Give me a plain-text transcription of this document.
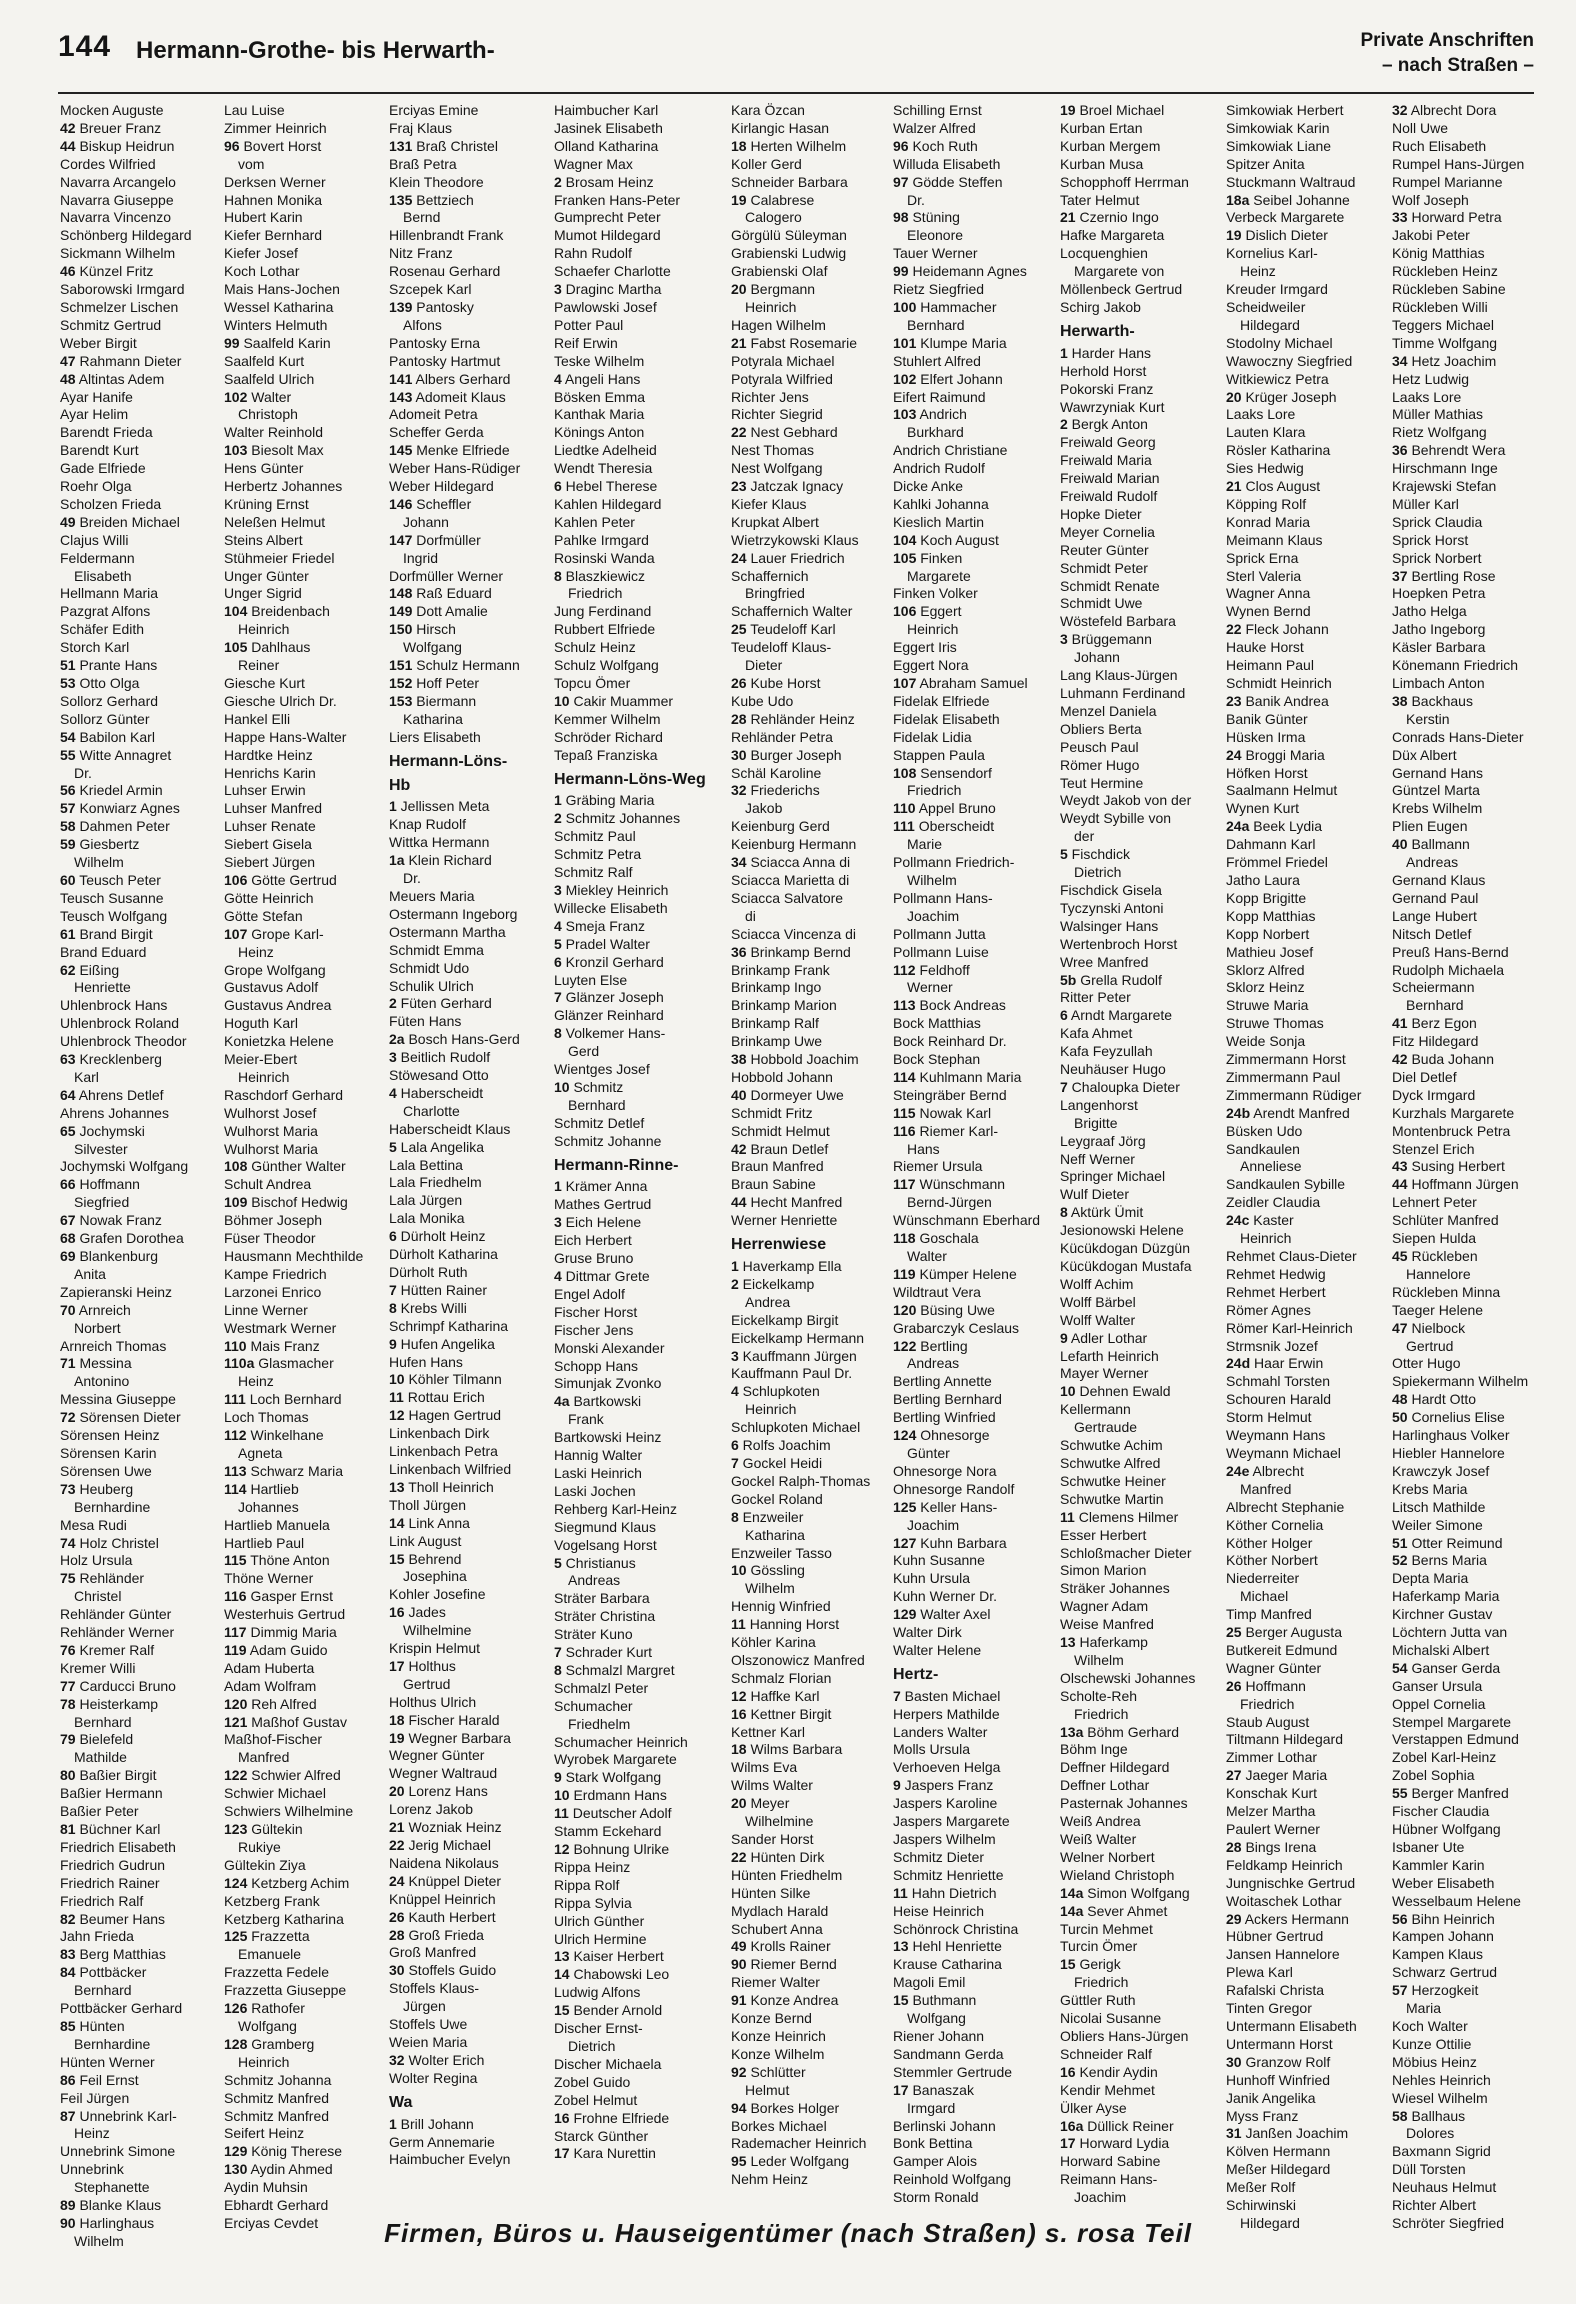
144 Hermann-Grothe- bis Herwarth-	Private Anschriften
– nach Straßen –
Mocken Auguste
42 Breuer Franz
44 Biskup Heidrun
Cordes Wilfried
Navarra Arcangelo
Navarra Giuseppe
Navarra Vincenzo
Schönberg Hildegard
Sickmann Wilhelm
46 Künzel Fritz
Saborowski Irmgard
Schmelzer Lischen
Schmitz Gertrud
Weber Birgit
47 Rahmann Dieter
48 Altintas Adem
Ayar Hanife
Ayar Helim
Barendt Frieda
Barendt Kurt
Gade Elfriede
Roehr Olga
Scholzen Frieda
49 Breiden Michael
Clajus Willi
Feldermann
Elisabeth
Hellmann Maria
Pazgrat Alfons
Schäfer Edith
Storch Karl
51 Prante Hans
53 Otto Olga
Sollorz Gerhard
Sollorz Günter
54 Babilon Karl
55 Witte Annagret
Dr.
56 Kriedel Armin
57 Konwiarz Agnes
58 Dahmen Peter
59 Giesbertz
Wilhelm
60 Teusch Peter
Teusch Susanne
Teusch Wolfgang
61 Brand Birgit
Brand Eduard
62 Eißing
Henriette
Uhlenbrock Hans
Uhlenbrock Roland
Uhlenbrock Theodor
63 Krecklenberg
Karl
64 Ahrens Detlef
Ahrens Johannes
65 Jochymski
Silvester
Jochymski Wolfgang
66 Hoffmann
Siegfried
67 Nowak Franz
68 Grafen Dorothea
69 Blankenburg
Anita
Zapieranski Heinz
70 Arnreich
Norbert
Arnreich Thomas
71 Messina
Antonino
Messina Giuseppe
72 Sörensen Dieter
Sörensen Heinz
Sörensen Karin
Sörensen Uwe
73 Heuberg
Bernhardine
Mesa Rudi
74 Holz Christel
Holz Ursula
75 Rehländer
Christel
Rehländer Günter
Rehländer Werner
76 Kremer Ralf
Kremer Willi
77 Carducci Bruno
78 Heisterkamp
Bernhard
79 Bielefeld
Mathilde
80 Baßier Birgit
Baßier Hermann
Baßier Peter
81 Büchner Karl
Friedrich Elisabeth
Friedrich Gudrun
Friedrich Rainer
Friedrich Ralf
82 Beumer Hans
Jahn Frieda
83 Berg Matthias
84 Pottbäcker
Bernhard
Pottbäcker Gerhard
85 Hünten
Bernhardine
Hünten Werner
86 Feil Ernst
Feil Jürgen
87 Unnebrink Karl-
Heinz
Unnebrink Simone
Unnebrink
Stephanette
89 Blanke Klaus
90 Harlinghaus
Wilhelm
Lau Luise
Zimmer Heinrich
96 Bovert Horst
vom
Derksen Werner
Hahnen Monika
Hubert Karin
Kiefer Bernhard
Kiefer Josef
Koch Lothar
Mais Hans-Jochen
Wessel Katharina
Winters Helmuth
99 Saalfeld Karin
Saalfeld Kurt
Saalfeld Ulrich
102 Walter
Christoph
Walter Reinhold
103 Biesolt Max
Hens Günter
Herbertz Johannes
Krüning Ernst
Neleßen Helmut
Steins Albert
Stühmeier Friedel
Unger Günter
Unger Sigrid
104 Breidenbach
Heinrich
105 Dahlhaus
Reiner
Giesche Kurt
Giesche Ulrich Dr.
Hankel Elli
Happe Hans-Walter
Hardtke Heinz
Henrichs Karin
Luhser Erwin
Luhser Manfred
Luhser Renate
Siebert Gisela
Siebert Jürgen
106 Götte Gertrud
Götte Heinrich
Götte Stefan
107 Grope Karl-
Heinz
Grope Wolfgang
Gustavus Adolf
Gustavus Andrea
Hoguth Karl
Konietzka Helene
Meier-Ebert
Heinrich
Raschdorf Gerhard
Wulhorst Josef
Wulhorst Maria
Wulhorst Maria
108 Günther Walter
Schult Andrea
109 Bischof Hedwig
Böhmer Joseph
Füser Theodor
Hausmann Mechthilde
Kampe Friedrich
Larzonei Enrico
Linne Werner
Westmark Werner
110 Mais Franz
110a Glasmacher
Heinz
111 Loch Bernhard
Loch Thomas
112 Winkelhane
Agneta
113 Schwarz Maria
114 Hartlieb
Johannes
Hartlieb Manuela
Hartlieb Paul
115 Thöne Anton
Thöne Werner
116 Gasper Ernst
Westerhuis Gertrud
117 Dimmig Maria
119 Adam Guido
Adam Huberta
Adam Wolfram
120 Reh Alfred
121 Maßhof Gustav
Maßhof-Fischer
Manfred
122 Schwier Alfred
Schwier Michael
Schwiers Wilhelmine
123 Gültekin
Rukiye
Gültekin Ziya
124 Ketzberg Achim
Ketzberg Frank
Ketzberg Katharina
125 Frazzetta
Emanuele
Frazzetta Fedele
Frazzetta Giuseppe
126 Rathofer
Wolfgang
128 Gramberg
Heinrich
Schmitz Johanna
Schmitz Manfred
Schmitz Manfred
Seifert Heinz
129 König Therese
130 Aydin Ahmed
Aydin Muhsin
Ebhardt Gerhard
Erciyas Cevdet
Erciyas Emine
Fraj Klaus
131 Braß Christel
Braß Petra
Klein Theodore
135 Bettziech
Bernd
Hillenbrandt Frank
Nitz Franz
Rosenau Gerhard
Szcepek Karl
139 Pantosky
Alfons
Pantosky Erna
Pantosky Hartmut
141 Albers Gerhard
143 Adomeit Klaus
Adomeit Petra
Scheffer Gerda
145 Menke Elfriede
Weber Hans-Rüdiger
Weber Hildegard
146 Scheffler
Johann
147 Dorfmüller
Ingrid
Dorfmüller Werner
148 Raß Eduard
149 Dott Amalie
150 Hirsch
Wolfgang
151 Schulz Hermann
152 Hoff Peter
153 Biermann
Katharina
Liers Elisabeth
Hermann-Löns-
Hb
1 Jellissen Meta
Knap Rudolf
Wittka Hermann
1a Klein Richard
Dr.
Meuers Maria
Ostermann Ingeborg
Ostermann Martha
Schmidt Emma
Schmidt Udo
Schulik Ulrich
2 Füten Gerhard
Füten Hans
2a Bosch Hans-Gerd
3 Beitlich Rudolf
Stöwesand Otto
4 Haberscheidt
Charlotte
Haberscheidt Klaus
5 Lala Angelika
Lala Bettina
Lala Friedhelm
Lala Jürgen
Lala Monika
6 Dürholt Heinz
Dürholt Katharina
Dürholt Ruth
7 Hütten Rainer
8 Krebs Willi
Schrimpf Katharina
9 Hufen Angelika
Hufen Hans
10 Köhler Tilmann
11 Rottau Erich
12 Hagen Gertrud
Linkenbach Dirk
Linkenbach Petra
Linkenbach Wilfried
13 Tholl Heinrich
Tholl Jürgen
14 Link Anna
Link August
15 Behrend
Josephina
Kohler Josefine
16 Jades
Wilhelmine
Krispin Helmut
17 Holthus
Gertrud
Holthus Ulrich
18 Fischer Harald
19 Wegner Barbara
Wegner Günter
Wegner Waltraud
20 Lorenz Hans
Lorenz Jakob
21 Wozniak Heinz
22 Jerig Michael
Naidena Nikolaus
24 Knüppel Dieter
Knüppel Heinrich
26 Kauth Herbert
28 Groß Frieda
Groß Manfred
30 Stoffels Guido
Stoffels Klaus-
Jürgen
Stoffels Uwe
Weien Maria
32 Wolter Erich
Wolter Regina
Wa
1 Brill Johann
Germ Annemarie
Haimbucher Evelyn
Haimbucher Karl
Jasinek Elisabeth
Olland Katharina
Wagner Max
2 Brosam Heinz
Franken Hans-Peter
Gumprecht Peter
Mumot Hildegard
Rahn Rudolf
Schaefer Charlotte
3 Draginc Martha
Pawlowski Josef
Potter Paul
Reif Erwin
Teske Wilhelm
4 Angeli Hans
Bösken Emma
Kanthak Maria
Könings Anton
Liedtke Adelheid
Wendt Theresia
6 Hebel Therese
Kahlen Hildegard
Kahlen Peter
Pahlke Irmgard
Rosinski Wanda
8 Blaszkiewicz
Friedrich
Jung Ferdinand
Rubbert Elfriede
Schulz Heinz
Schulz Wolfgang
Topcu Ömer
10 Cakir Muammer
Kemmer Wilhelm
Schröder Richard
Tepaß Franziska
Hermann-Löns-Weg
1 Gräbing Maria
2 Schmitz Johannes
Schmitz Paul
Schmitz Petra
Schmitz Ralf
3 Miekley Heinrich
Willecke Elisabeth
4 Smeja Franz
5 Pradel Walter
6 Kronzil Gerhard
Luyten Else
7 Glänzer Joseph
Glänzer Reinhard
8 Volkemer Hans-
Gerd
Wientges Josef
10 Schmitz
Bernhard
Schmitz Detlef
Schmitz Johanne
Hermann-Rinne-
1 Krämer Anna
Mathes Gertrud
3 Eich Helene
Eich Herbert
Gruse Bruno
4 Dittmar Grete
Engel Adolf
Fischer Horst
Fischer Jens
Monski Alexander
Schopp Hans
Simunjak Zvonko
4a Bartkowski
Frank
Bartkowski Heinz
Hannig Walter
Laski Heinrich
Laski Jochen
Rehberg Karl-Heinz
Siegmund Klaus
Vogelsang Horst
5 Christianus
Andreas
Sträter Barbara
Sträter Christina
Sträter Kuno
7 Schrader Kurt
8 Schmalzl Margret
Schmalzl Peter
Schumacher
Friedhelm
Schumacher Heinrich
Wyrobek Margarete
9 Stark Wolfgang
10 Erdmann Hans
11 Deutscher Adolf
Stamm Eckehard
12 Bohnung Ulrike
Rippa Heinz
Rippa Rolf
Rippa Sylvia
Ulrich Günther
Ulrich Hermine
13 Kaiser Herbert
14 Chabowski Leo
Ludwig Alfons
15 Bender Arnold
Discher Ernst-
Dietrich
Discher Michaela
Zobel Guido
Zobel Helmut
16 Frohne Elfriede
Starck Günther
17 Kara Nurettin
Kara Özcan
Kirlangic Hasan
18 Herten Wilhelm
Koller Gerd
Schneider Barbara
19 Calabrese
Calogero
Görgülü Süleyman
Grabienski Ludwig
Grabienski Olaf
20 Bergmann
Heinrich
Hagen Wilhelm
21 Fabst Rosemarie
Potyrala Michael
Potyrala Wilfried
Richter Jens
Richter Siegrid
22 Nest Gebhard
Nest Thomas
Nest Wolfgang
23 Jatczak Ignacy
Kiefer Klaus
Krupkat Albert
Wietrzykowski Klaus
24 Lauer Friedrich
Schaffernich
Bringfried
Schaffernich Walter
25 Teudeloff Karl
Teudeloff Klaus-
Dieter
26 Kube Horst
Kube Udo
28 Rehländer Heinz
Rehländer Petra
30 Burger Joseph
Schäl Karoline
32 Friederichs
Jakob
Keienburg Gerd
Keienburg Hermann
34 Sciacca Anna di
Sciacca Marietta di
Sciacca Salvatore
di
Sciacca Vincenza di
36 Brinkamp Bernd
Brinkamp Frank
Brinkamp Ingo
Brinkamp Marion
Brinkamp Ralf
Brinkamp Uwe
38 Hobbold Joachim
Hobbold Johann
40 Dormeyer Uwe
Schmidt Fritz
Schmidt Helmut
42 Braun Detlef
Braun Manfred
Braun Sabine
44 Hecht Manfred
Werner Henriette
Herrenwiese
1 Haverkamp Ella
2 Eickelkamp
Andrea
Eickelkamp Birgit
Eickelkamp Hermann
3 Kauffmann Jürgen
Kauffmann Paul Dr.
4 Schlupkoten
Heinrich
Schlupkoten Michael
6 Rolfs Joachim
7 Gockel Heidi
Gockel Ralph-Thomas
Gockel Roland
8 Enzweiler
Katharina
Enzweiler Tasso
10 Gössling
Wilhelm
Hennig Winfried
11 Hanning Horst
Köhler Karina
Olszonowicz Manfred
Schmalz Florian
12 Haffke Karl
16 Kettner Birgit
Kettner Karl
18 Wilms Barbara
Wilms Eva
Wilms Walter
20 Meyer
Wilhelmine
Sander Horst
22 Hünten Dirk
Hünten Friedhelm
Hünten Silke
Mydlach Harald
Schubert Anna
49 Krolls Rainer
90 Riemer Bernd
Riemer Walter
91 Konze Andrea
Konze Bernd
Konze Heinrich
Konze Wilhelm
92 Schlütter
Helmut
94 Borkes Holger
Borkes Michael
Rademacher Heinrich
95 Leder Wolfgang
Nehm Heinz
Schilling Ernst
Walzer Alfred
96 Koch Ruth
Willuda Elisabeth
97 Gödde Steffen
Dr.
98 Stüning
Eleonore
Tauer Werner
99 Heidemann Agnes
Rietz Siegfried
100 Hammacher
Bernhard
101 Klumpe Maria
Stuhlert Alfred
102 Elfert Johann
Eifert Raimund
103 Andrich
Burkhard
Andrich Christiane
Andrich Rudolf
Dicke Anke
Kahlki Johanna
Kieslich Martin
104 Koch August
105 Finken
Margarete
Finken Volker
106 Eggert
Heinrich
Eggert Iris
Eggert Nora
107 Abraham Samuel
Fidelak Elfriede
Fidelak Elisabeth
Fidelak Lidia
Stappen Paula
108 Sensendorf
Friedrich
110 Appel Bruno
111 Oberscheidt
Marie
Pollmann Friedrich-
Wilhelm
Pollmann Hans-
Joachim
Pollmann Jutta
Pollmann Luise
112 Feldhoff
Werner
113 Bock Andreas
Bock Matthias
Bock Reinhard Dr.
Bock Stephan
114 Kuhlmann Maria
Steingräber Bernd
115 Nowak Karl
116 Riemer Karl-
Hans
Riemer Ursula
117 Wünschmann
Bernd-Jürgen
Wünschmann Eberhard
118 Goschala
Walter
119 Kümper Helene
Wildtraut Vera
120 Büsing Uwe
Grabarczyk Ceslaus
122 Bertling
Andreas
Bertling Annette
Bertling Bernhard
Bertling Winfried
124 Ohnesorge
Günter
Ohnesorge Nora
Ohnesorge Randolf
125 Keller Hans-
Joachim
127 Kuhn Barbara
Kuhn Susanne
Kuhn Ursula
Kuhn Werner Dr.
129 Walter Axel
Walter Dirk
Walter Helene
Hertz-
7 Basten Michael
Herpers Mathilde
Landers Walter
Molls Ursula
Verhoeven Helga
9 Jaspers Franz
Jaspers Karoline
Jaspers Margarete
Jaspers Wilhelm
Schmitz Dieter
Schmitz Henriette
11 Hahn Dietrich
Heise Heinrich
Schönrock Christina
13 Hehl Henriette
Krause Catharina
Magoli Emil
15 Buthmann
Wolfgang
Riener Johann
Sandmann Gerda
Stemmler Gertrude
17 Banaszak
Irmgard
Berlinski Johann
Bonk Bettina
Gamper Alois
Reinhold Wolfgang
Storm Ronald
19 Broel Michael
Kurban Ertan
Kurban Mergem
Kurban Musa
Schopphoff Herrman
Tater Helmut
21 Czernio Ingo
Hafke Margareta
Locquenghien
Margarete von
Möllenbeck Gertrud
Schirg Jakob
Herwarth-
1 Harder Hans
Herhold Horst
Pokorski Franz
Wawrzyniak Kurt
2 Bergk Anton
Freiwald Georg
Freiwald Maria
Freiwald Marian
Freiwald Rudolf
Hopke Dieter
Meyer Cornelia
Reuter Günter
Schmidt Peter
Schmidt Renate
Schmidt Uwe
Wöstefeld Barbara
3 Brüggemann
Johann
Lang Klaus-Jürgen
Luhmann Ferdinand
Menzel Daniela
Obliers Berta
Peusch Paul
Römer Hugo
Teut Hermine
Weydt Jakob von der
Weydt Sybille von
der
5 Fischdick
Dietrich
Fischdick Gisela
Tyczynski Antoni
Walsinger Hans
Wertenbroch Horst
Wree Manfred
5b Grella Rudolf
Ritter Peter
6 Arndt Margarete
Kafa Ahmet
Kafa Feyzullah
Neuhäuser Hugo
7 Chaloupka Dieter
Langenhorst
Brigitte
Leygraaf Jörg
Neff Werner
Springer Michael
Wulf Dieter
8 Aktürk Ümit
Jesionowski Helene
Kücükdogan Düzgün
Kücükdogan Mustafa
Wolff Achim
Wolff Bärbel
Wolff Walter
9 Adler Lothar
Lefarth Heinrich
Mayer Werner
10 Dehnen Ewald
Kellermann
Gertraude
Schwutke Achim
Schwutke Alfred
Schwutke Heiner
Schwutke Martin
11 Clemens Hilmer
Esser Herbert
Schloßmacher Dieter
Simon Marion
Sträker Johannes
Wagner Adam
Weise Manfred
13 Haferkamp
Wilhelm
Olschewski Johannes
Scholte-Reh
Friedrich
13a Böhm Gerhard
Böhm Inge
Deffner Hildegard
Deffner Lothar
Pasternak Johannes
Weiß Andrea
Weiß Walter
Welner Norbert
Wieland Christoph
14a Simon Wolfgang
14a Sever Ahmet
Turcin Mehmet
Turcin Ömer
15 Gerigk
Friedrich
Güttler Ruth
Nicolai Susanne
Obliers Hans-Jürgen
Schneider Ralf
16 Kendir Aydin
Kendir Mehmet
Ülker Ayse
16a Düllick Reiner
17 Horward Lydia
Horward Sabine
Reimann Hans-
Joachim
Simkowiak Herbert
Simkowiak Karin
Simkowiak Liane
Spitzer Anita
Stuckmann Waltraud
18a Seibel Johanne
Verbeck Margarete
19 Dislich Dieter
Kornelius Karl-
Heinz
Kreuder Irmgard
Scheidweiler
Hildegard
Stodolny Michael
Wawoczny Siegfried
Witkiewicz Petra
20 Krüger Joseph
Laaks Lore
Lauten Klara
Rösler Katharina
Sies Hedwig
21 Clos August
Köpping Rolf
Konrad Maria
Meimann Klaus
Sprick Erna
Sterl Valeria
Wagner Anna
Wynen Bernd
22 Fleck Johann
Hauke Horst
Heimann Paul
Schmidt Heinrich
23 Banik Andrea
Banik Günter
Hüsken Irma
24 Broggi Maria
Höfken Horst
Saalmann Helmut
Wynen Kurt
24a Beek Lydia
Dahmann Karl
Frömmel Friedel
Jatho Laura
Kopp Brigitte
Kopp Matthias
Kopp Norbert
Mathieu Josef
Sklorz Alfred
Sklorz Heinz
Struwe Maria
Struwe Thomas
Weide Sonja
Zimmermann Horst
Zimmermann Paul
Zimmermann Rüdiger
24b Arendt Manfred
Büsken Udo
Sandkaulen
Anneliese
Sandkaulen Sybille
Zeidler Claudia
24c Kaster
Heinrich
Rehmet Claus-Dieter
Rehmet Hedwig
Rehmet Herbert
Römer Agnes
Römer Karl-Heinrich
Strmsnik Jozef
24d Haar Erwin
Schmahl Torsten
Schouren Harald
Storm Helmut
Weymann Hans
Weymann Michael
24e Albrecht
Manfred
Albrecht Stephanie
Köther Cornelia
Köther Holger
Köther Norbert
Niederreiter
Michael
Timp Manfred
25 Berger Augusta
Butkereit Edmund
Wagner Günter
26 Hoffmann
Friedrich
Staub August
Tiltmann Hildegard
Zimmer Lothar
27 Jaeger Maria
Konschak Kurt
Melzer Martha
Paulert Werner
28 Bings Irena
Feldkamp Heinrich
Jungnischke Gertrud
Woitaschek Lothar
29 Ackers Hermann
Hübner Gertrud
Jansen Hannelore
Plewa Karl
Rafalski Christa
Tinten Gregor
Untermann Elisabeth
Untermann Horst
30 Granzow Rolf
Hunhoff Winfried
Janik Angelika
Myss Franz
31 Janßen Joachim
Kölven Hermann
Meßer Hildegard
Meßer Rolf
Schirwinski
Hildegard
32 Albrecht Dora
Noll Uwe
Ruch Elisabeth
Rumpel Hans-Jürgen
Rumpel Marianne
Wolf Joseph
33 Horward Petra
Jakobi Peter
König Matthias
Rückleben Heinz
Rückleben Sabine
Rückleben Willi
Teggers Michael
Timme Wolfgang
34 Hetz Joachim
Hetz Ludwig
Laaks Lore
Müller Mathias
Rietz Wolfgang
36 Behrendt Wera
Hirschmann Inge
Krajewski Stefan
Müller Karl
Sprick Claudia
Sprick Horst
Sprick Norbert
37 Bertling Rose
Hoepken Petra
Jatho Helga
Jatho Ingeborg
Käsler Barbara
Könemann Friedrich
Limbach Anton
38 Backhaus
Kerstin
Conrads Hans-Dieter
Düx Albert
Gernand Hans
Güntzel Marta
Krebs Wilhelm
Plien Eugen
40 Ballmann
Andreas
Gernand Klaus
Gernand Paul
Lange Hubert
Nitsch Detlef
Preuß Hans-Bernd
Rudolph Michaela
Scheiermann
Bernhard
41 Berz Egon
Fitz Hildegard
42 Buda Johann
Diel Detlef
Dyck Irmgard
Kurzhals Margarete
Montenbruck Petra
Stenzel Erich
43 Susing Herbert
44 Hoffmann Jürgen
Lehnert Peter
Schlüter Manfred
Siepen Hulda
45 Rückleben
Hannelore
Rückleben Minna
Taeger Helene
47 Nielbock
Gertrud
Otter Hugo
Spiekermann Wilhelm
48 Hardt Otto
50 Cornelius Elise
Harlinghaus Volker
Hiebler Hannelore
Krawczyk Josef
Krebs Maria
Litsch Mathilde
Weiler Simone
51 Otter Reimund
52 Berns Maria
Depta Maria
Haferkamp Maria
Kirchner Gustav
Löchtern Jutta van
Michalski Albert
54 Ganser Gerda
Ganser Ursula
Oppel Cornelia
Stempel Margarete
Verstappen Edmund
Zobel Karl-Heinz
Zobel Sophia
55 Berger Manfred
Fischer Claudia
Hübner Wolfgang
Isbaner Ute
Kammler Karin
Weber Elisabeth
Wesselbaum Helene
56 Bihn Heinrich
Kampen Johann
Kampen Klaus
Schwarz Gertrud
57 Herzogkeit
Maria
Koch Walter
Kunze Ottilie
Möbius Heinz
Nehles Heinrich
Wiesel Wilhelm
58 Ballhaus
Dolores
Baxmann Sigrid
Düll Torsten
Neuhaus Helmut
Richter Albert
Schröter Siegfried
Firmen, Büros u. Hauseigentümer (nach Straßen) s. rosa Teil
